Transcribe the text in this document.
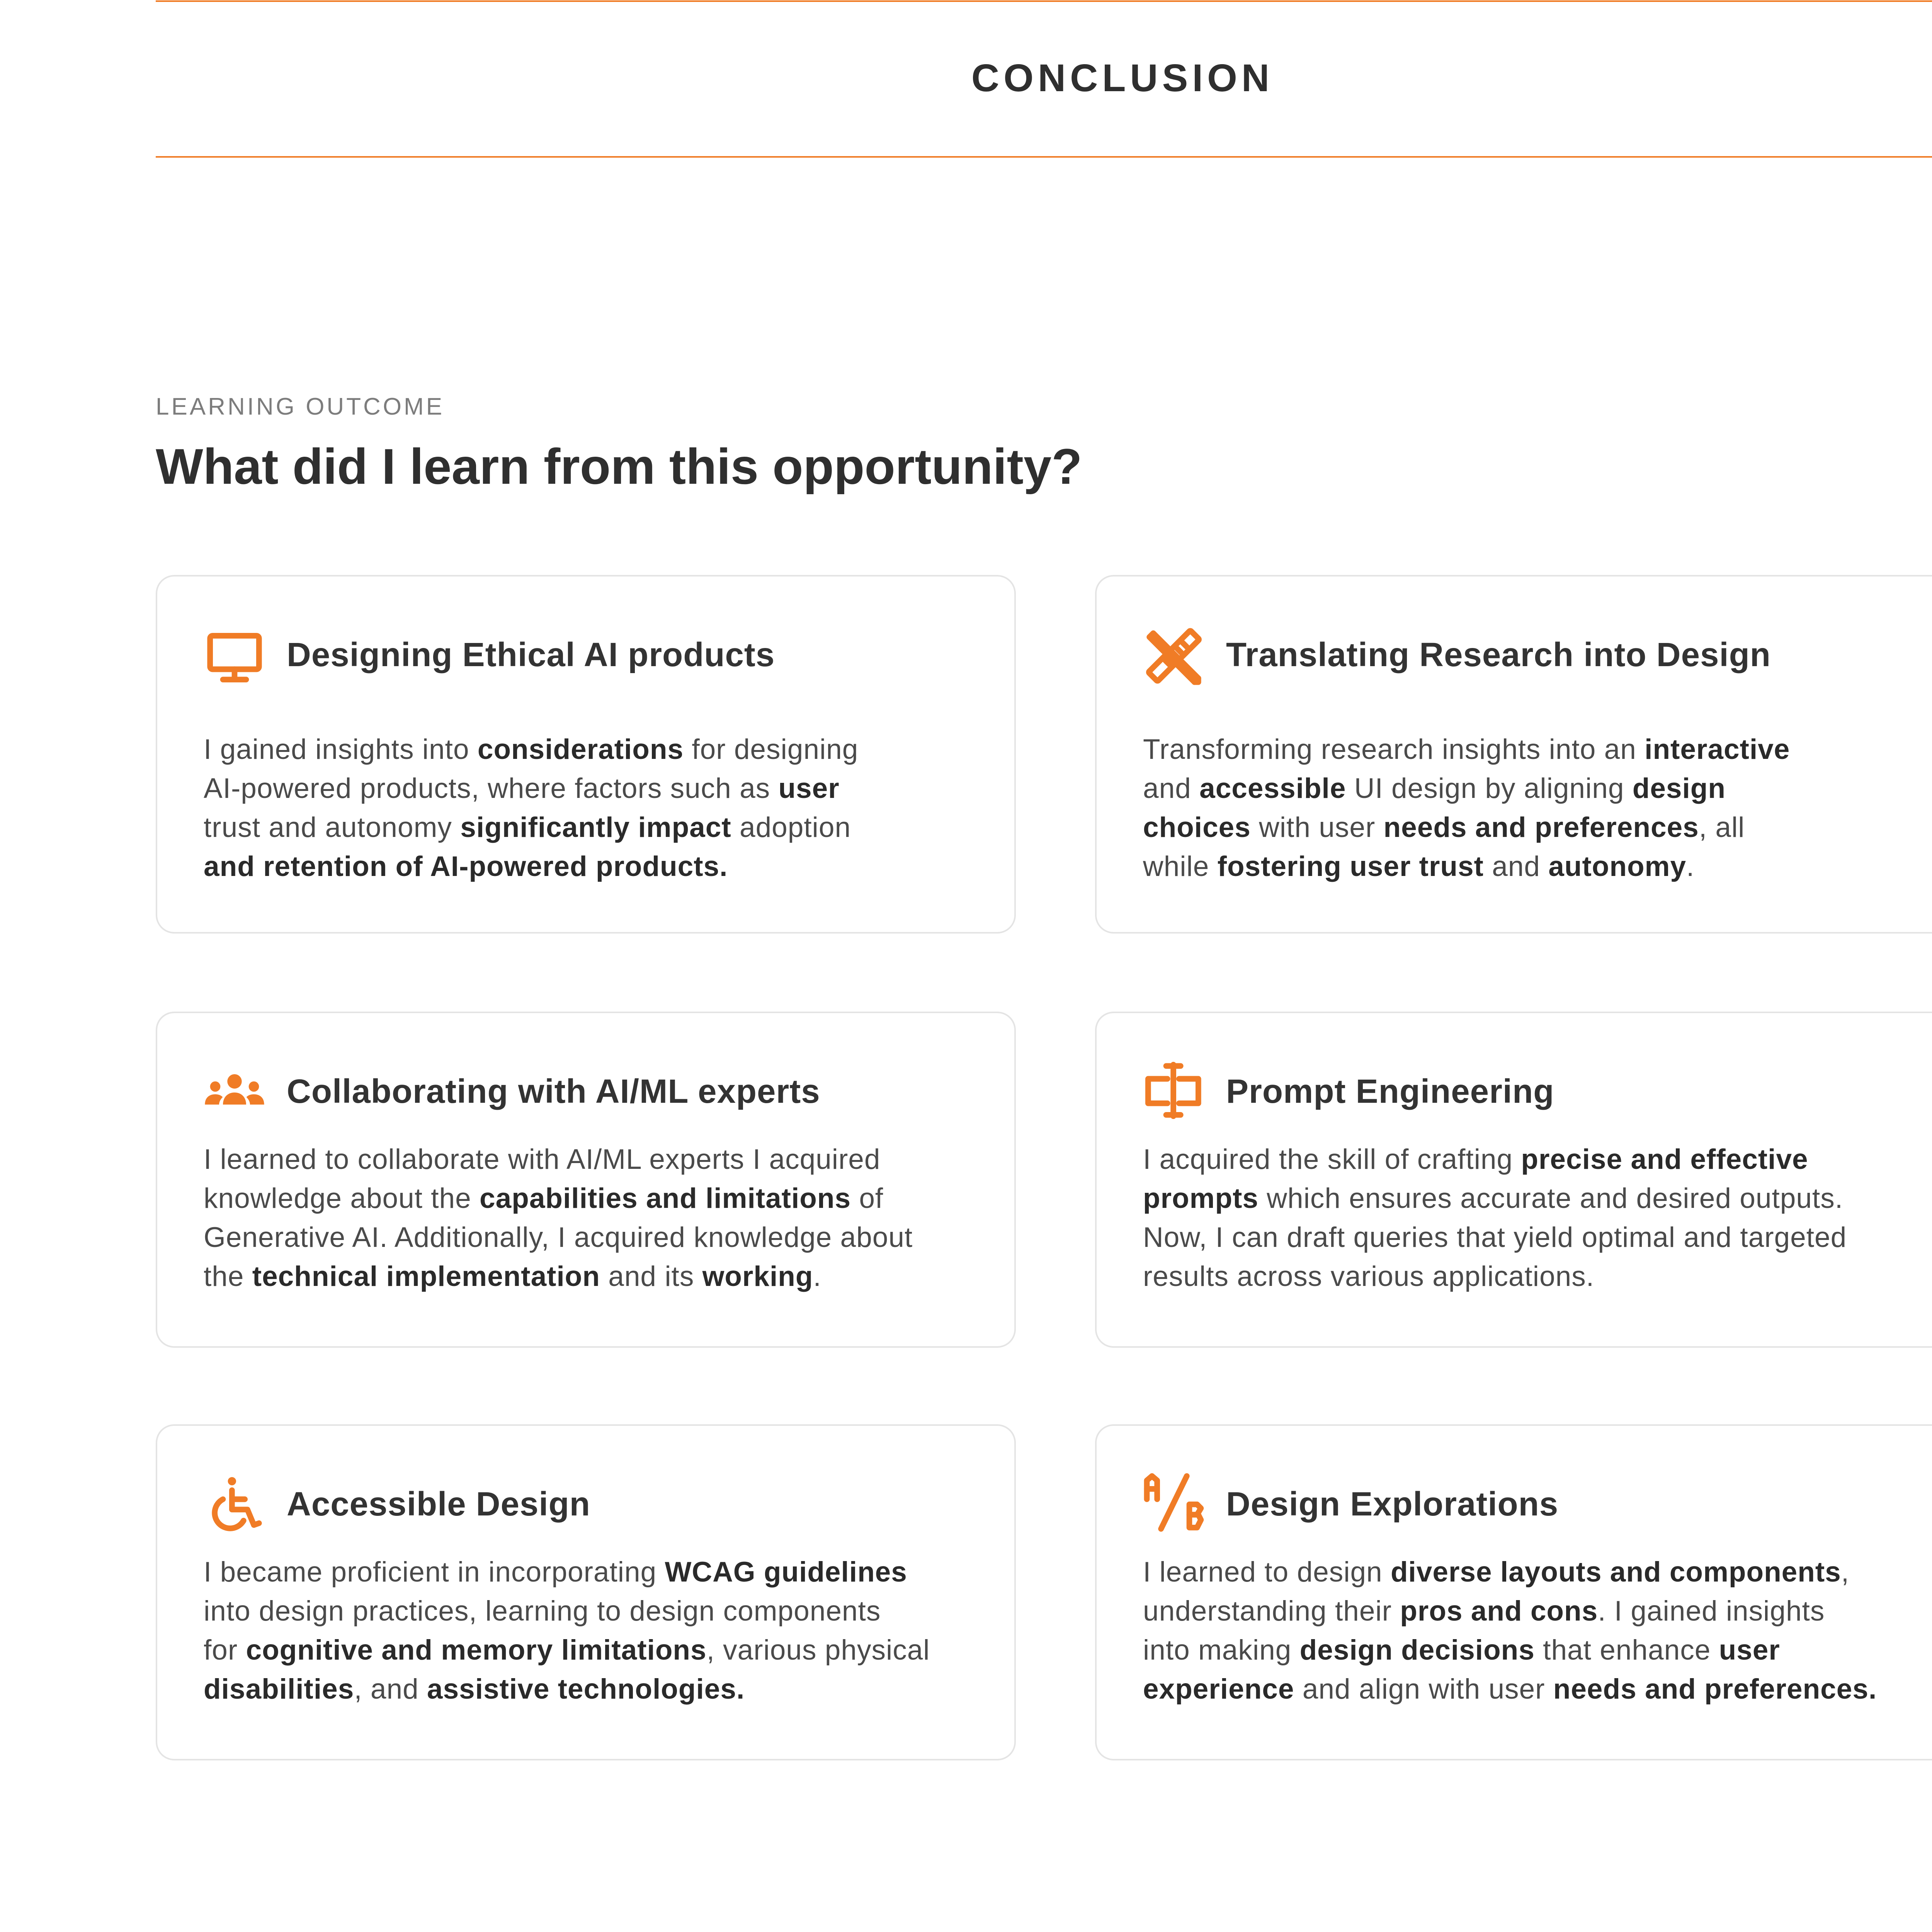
CONCLUSION
LEARNING OUTCOME
What did I learn from this opportunity?
Designing Ethical AI products
I gained insights into considerations for designing
AI-powered products, where factors such as user
trust and autonomy significantly impact adoption
and retention of AI-powered products.
Translating Research into Design
Transforming research insights into an interactive
and accessible UI design by aligning design
choices with user needs and preferences, all
while fostering user trust and autonomy.
Collaborating with AI/ML experts
I learned to collaborate with AI/ML experts I acquired
knowledge about the capabilities and limitations of
Generative AI. Additionally, I acquired knowledge about
the technical implementation and its working.
Prompt Engineering
I acquired the skill of crafting precise and effective
prompts which ensures accurate and desired outputs.
Now, I can draft queries that yield optimal and targeted
results across various applications.
Accessible Design
I became proficient in incorporating WCAG guidelines
into design practices, learning to design components
for cognitive and memory limitations, various physical
disabilities, and assistive technologies.
Design Explorations
I learned to design diverse layouts and components,
understanding their pros and cons. I gained insights
into making design decisions that enhance user
experience and align with user needs and preferences.
